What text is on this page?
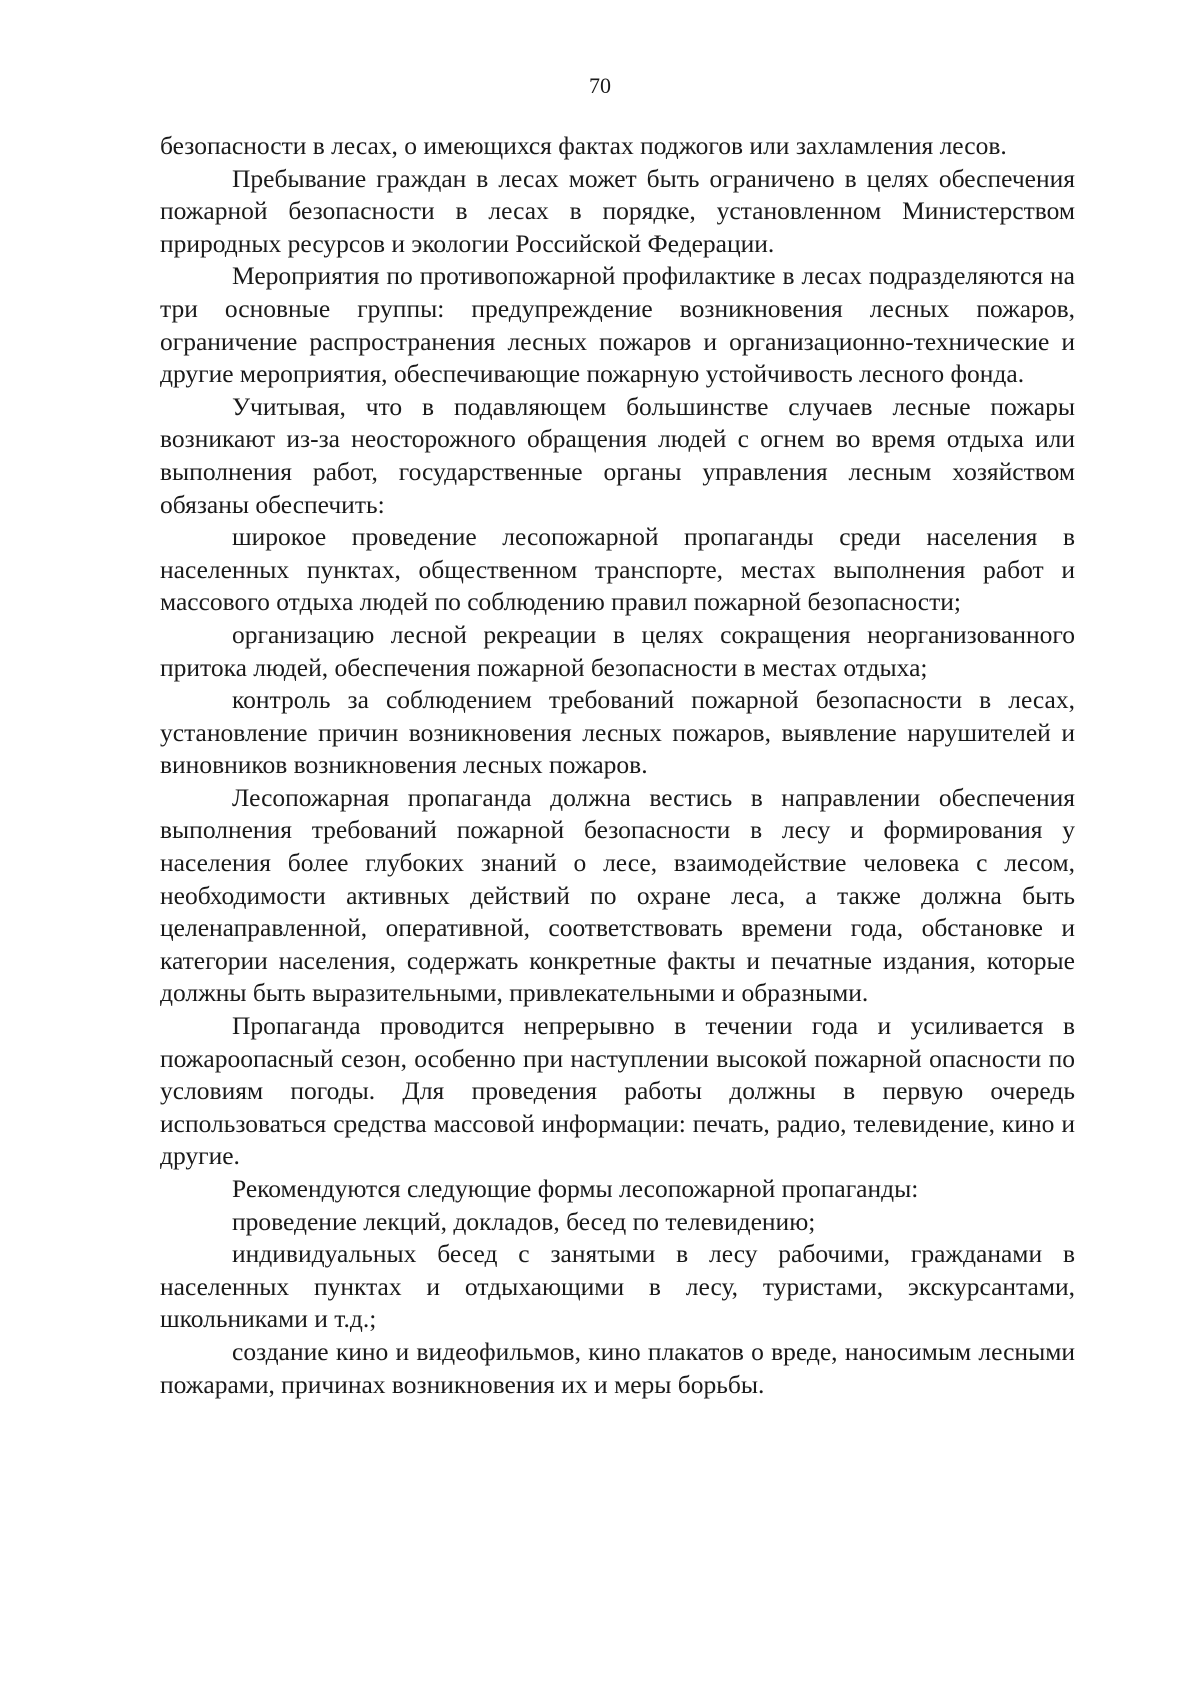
70

безопасности в лесах, о имеющихся фактах поджогов или захламления лесов.

Пребывание граждан в лесах может быть ограничено в целях обеспечения пожарной безопасности в лесах в порядке, установленном Министерством природных ресурсов и экологии Российской Федерации.

Мероприятия по противопожарной профилактике в лесах подразделяются на три основные группы: предупреждение возникновения лесных пожаров, ограничение распространения лесных пожаров и организационно-технические и другие мероприятия, обеспечивающие пожарную устойчивость лесного фонда.

Учитывая, что в подавляющем большинстве случаев лесные пожары возникают из-за неосторожного обращения людей с огнем во время отдыха или выполнения работ, государственные органы управления лесным хозяйством обязаны обеспечить:

широкое проведение лесопожарной пропаганды среди населения в населенных пунктах, общественном транспорте, местах выполнения работ и массового отдыха людей по соблюдению правил пожарной безопасности;

организацию лесной рекреации в целях сокращения неорганизованного притока людей, обеспечения пожарной безопасности в местах отдыха;

контроль за соблюдением требований пожарной безопасности в лесах, установление причин возникновения лесных пожаров, выявление нарушителей и виновников возникновения лесных пожаров.

Лесопожарная пропаганда должна вестись в направлении обеспечения выполнения требований пожарной безопасности в лесу и формирования у населения более глубоких знаний о лесе, взаимодействие человека с лесом, необходимости активных действий по охране леса, а также должна быть целенаправленной, оперативной, соответствовать времени года, обстановке и категории населения, содержать конкретные факты и печатные издания, которые должны быть выразительными, привлекательными и образными.

Пропаганда проводится непрерывно в течении года и усиливается в пожароопасный сезон, особенно при наступлении высокой пожарной опасности по условиям погоды. Для проведения работы должны в первую очередь использоваться средства массовой информации: печать, радио, телевидение, кино и другие.

Рекомендуются следующие формы лесопожарной пропаганды:

проведение лекций, докладов, бесед по телевидению;

индивидуальных бесед с занятыми в лесу рабочими, гражданами в населенных пунктах и отдыхающими в лесу, туристами, экскурсантами, школьниками и т.д.;

создание кино и видеофильмов, кино плакатов о вреде, наносимым лесными пожарами, причинах возникновения их и меры борьбы.
